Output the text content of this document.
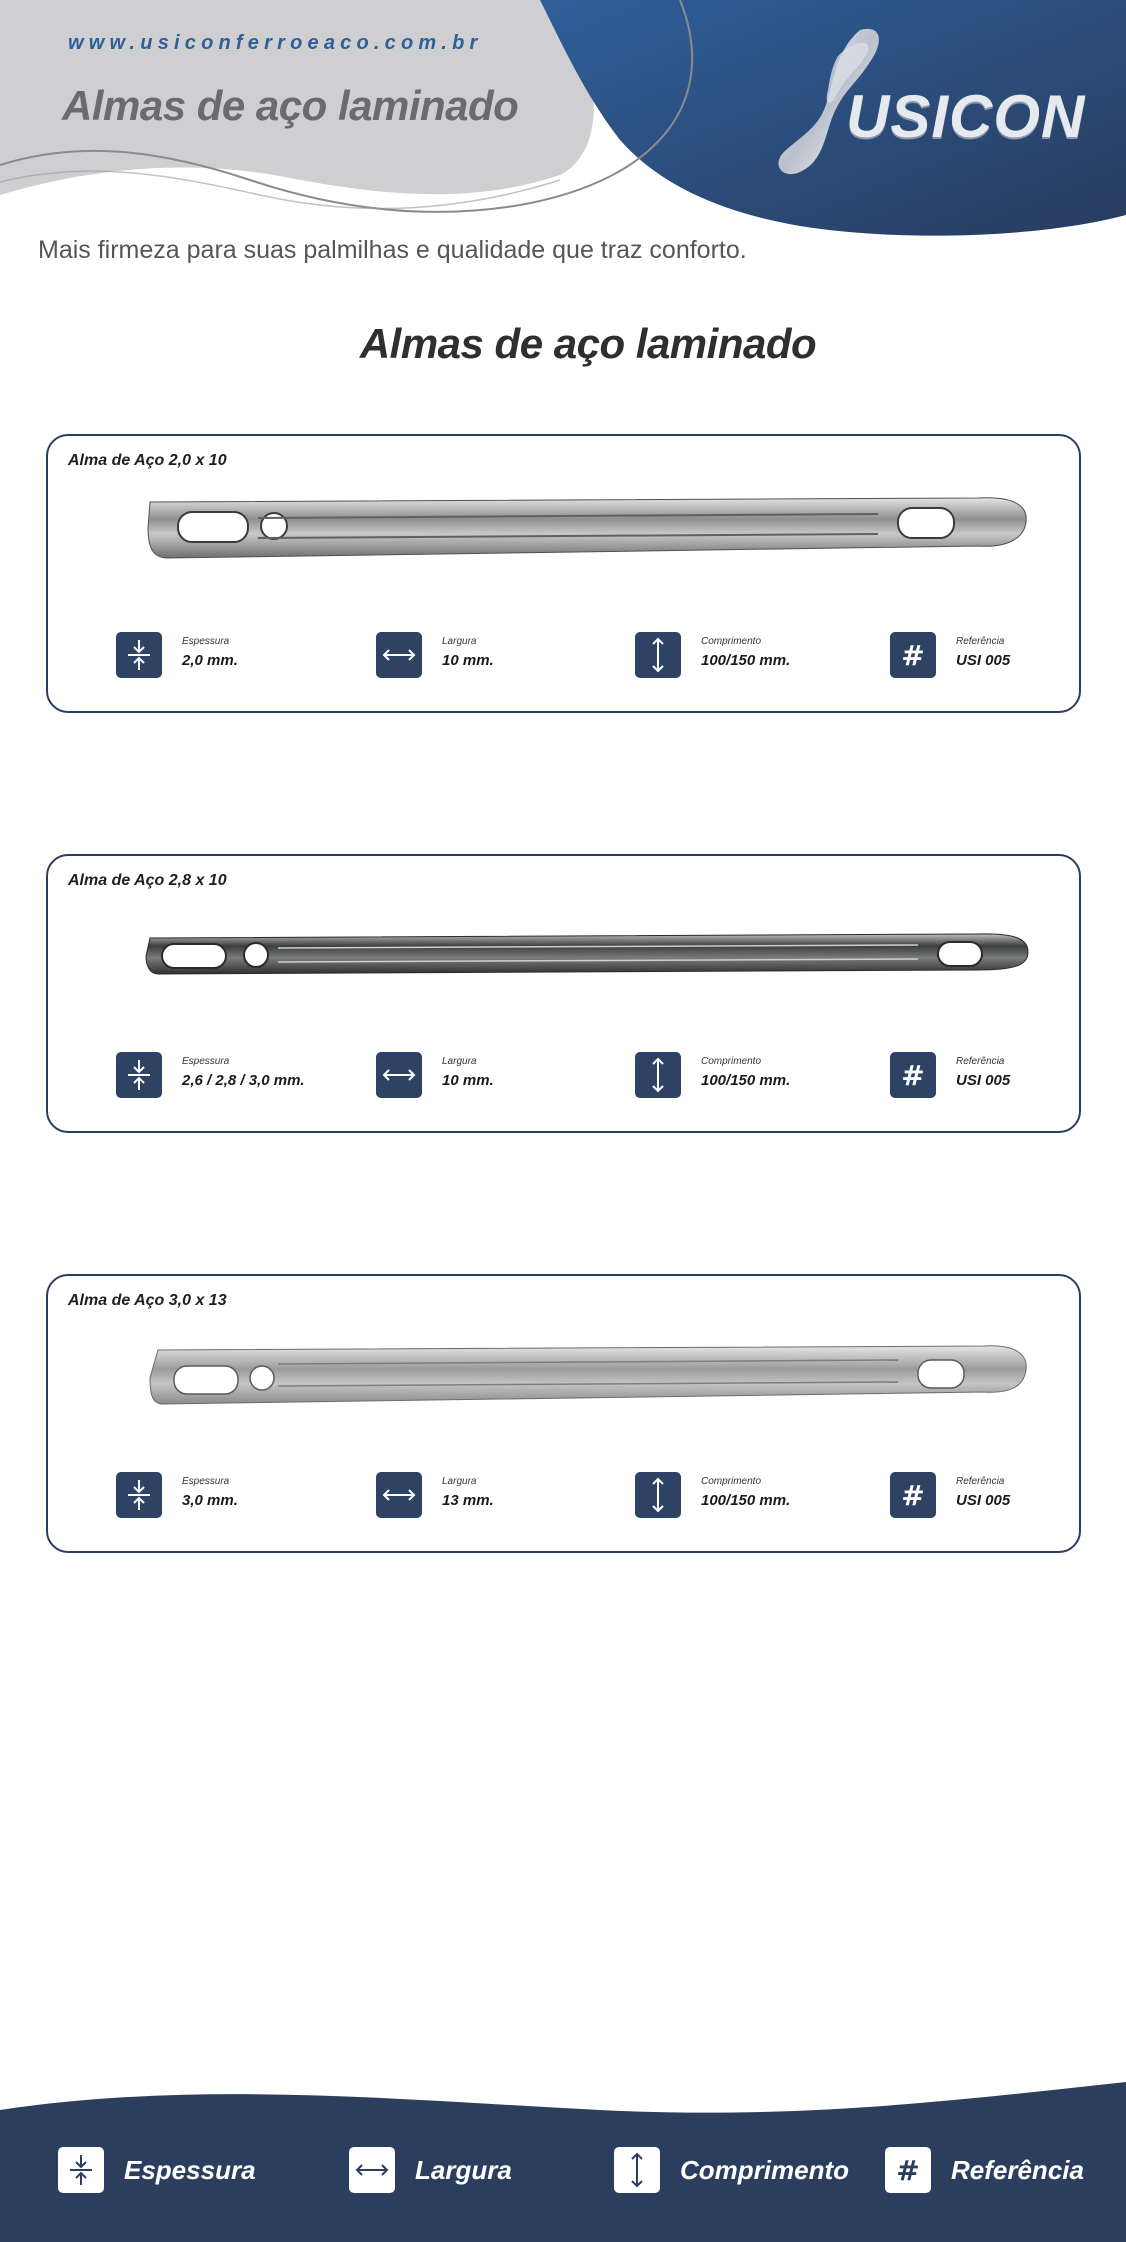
www.usiconferroeaco.com.br
Almas de aço laminado	USICON
Mais firmeza para suas palmilhas e qualidade que traz conforto.
Almas de aço laminado
Alma de Aço 2,0 x 10
Espessura
2,0 mm.
Largura
10 mm.
Comprimento
100/150 mm.	#	Referência
USI 005
Alma de Aço 2,8 x 10
Espessura
2,6 / 2,8 / 3,0 mm.
Largura
10 mm.
Comprimento
100/150 mm.	#	Referência
USI 005
Alma de Aço 3,0 x 13
Espessura
3,0 mm.
Largura
13 mm.
Comprimento
100/150 mm.	#	Referência
USI 005
Espessura	Largura	Comprimento # Referência
